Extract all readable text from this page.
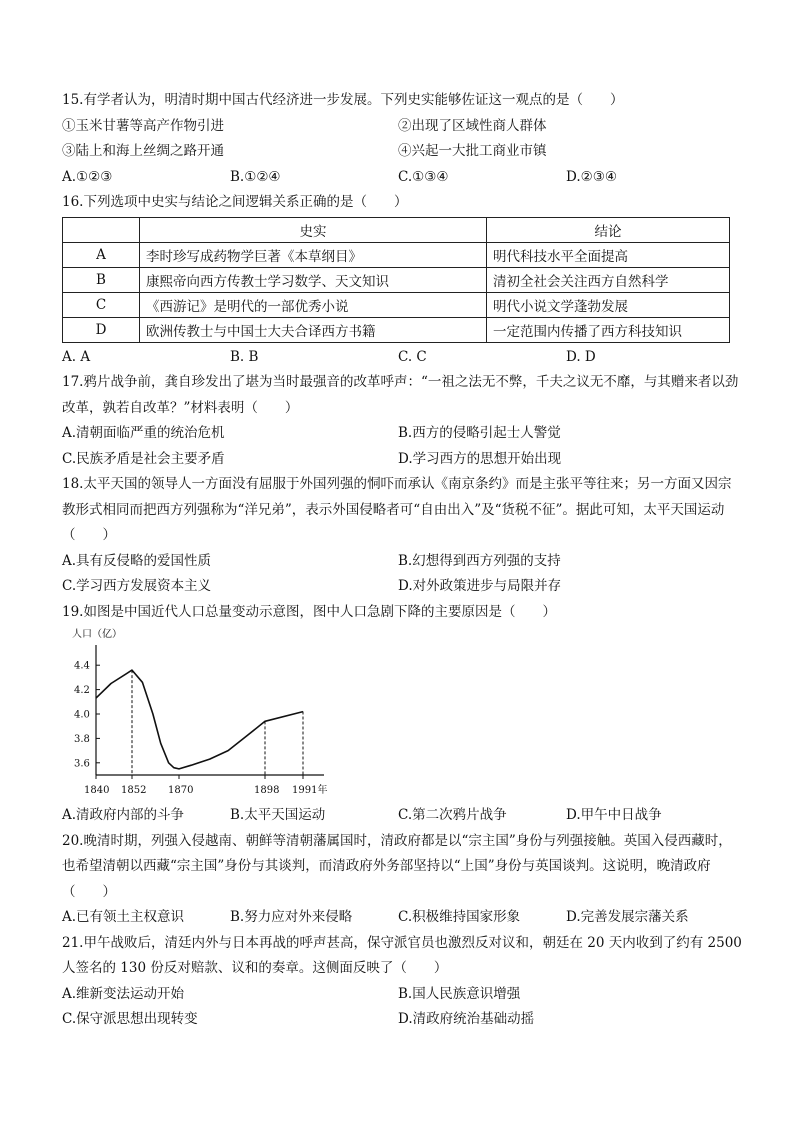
15.有学者认为，明清时期中国古代经济进一步发展。下列史实能够佐证这一观点的是（　　）
①玉米甘薯等高产作物引进	②出现了区域性商人群体
③陆上和海上丝绸之路开通	④兴起一大批工商业市镇
A.①②③	B.①②④	C.①③④	D.②③④
16.下列选项中史实与结论之间逻辑关系正确的是（　　）
	史实	结论
A	李时珍写成药物学巨著《本草纲目》	明代科技水平全面提高
B	康熙帝向西方传教士学习数学、天文知识	清初全社会关注西方自然科学
C	《西游记》是明代的一部优秀小说	明代小说文学蓬勃发展
D	欧洲传教士与中国士大夫合译西方书籍	一定范围内传播了西方科技知识
A. A	B. B	C. C	D. D
17.鸦片战争前，龚自珍发出了堪为当时最强音的改革呼声：“一祖之法无不弊，千夫之议无不靡，与其赠来者以劲改革，孰若自改革？”材料表明（　　）
A.清朝面临严重的统治危机	B.西方的侵略引起士人警觉
C.民族矛盾是社会主要矛盾	D.学习西方的思想开始出现
18.太平天国的领导人一方面没有屈服于外国列强的恫吓而承认《南京条约》而是主张平等往来；另一方面又因宗教形式相同而把西方列强称为“洋兄弟”，表示外国侵略者可“自由出入”及“货税不征”。据此可知，太平天国运动（　　）
A.具有反侵略的爱国性质	B.幻想得到西方列强的支持
C.学习西方发展资本主义	D.对外政策进步与局限并存
19.如图是中国近代人口总量变动示意图，图中人口急剧下降的主要原因是（　　）
人口（亿）
3.6
3.8
4.0
4.2
4.4
1840 1852 1870	1898 1991年
A.清政府内部的斗争	B.太平天国运动	C.第二次鸦片战争	D.甲午中日战争
20.晚清时期，列强入侵越南、朝鲜等清朝藩属国时，清政府都是以“宗主国”身份与列强接触。英国入侵西藏时，也希望清朝以西藏“宗主国”身份与其谈判，而清政府外务部坚持以“上国”身份与英国谈判。这说明，晚清政府（　　）
A.已有领土主权意识	B.努力应对外来侵略	C.积极维持国家形象	D.完善发展宗藩关系
21.甲午战败后，清廷内外与日本再战的呼声甚高，保守派官员也激烈反对议和，朝廷在 20 天内收到了约有 2500 人签名的 130 份反对赔款、议和的奏章。这侧面反映了（　　）
A.维新变法运动开始	B.国人民族意识增强
C.保守派思想出现转变	D.清政府统治基础动摇
